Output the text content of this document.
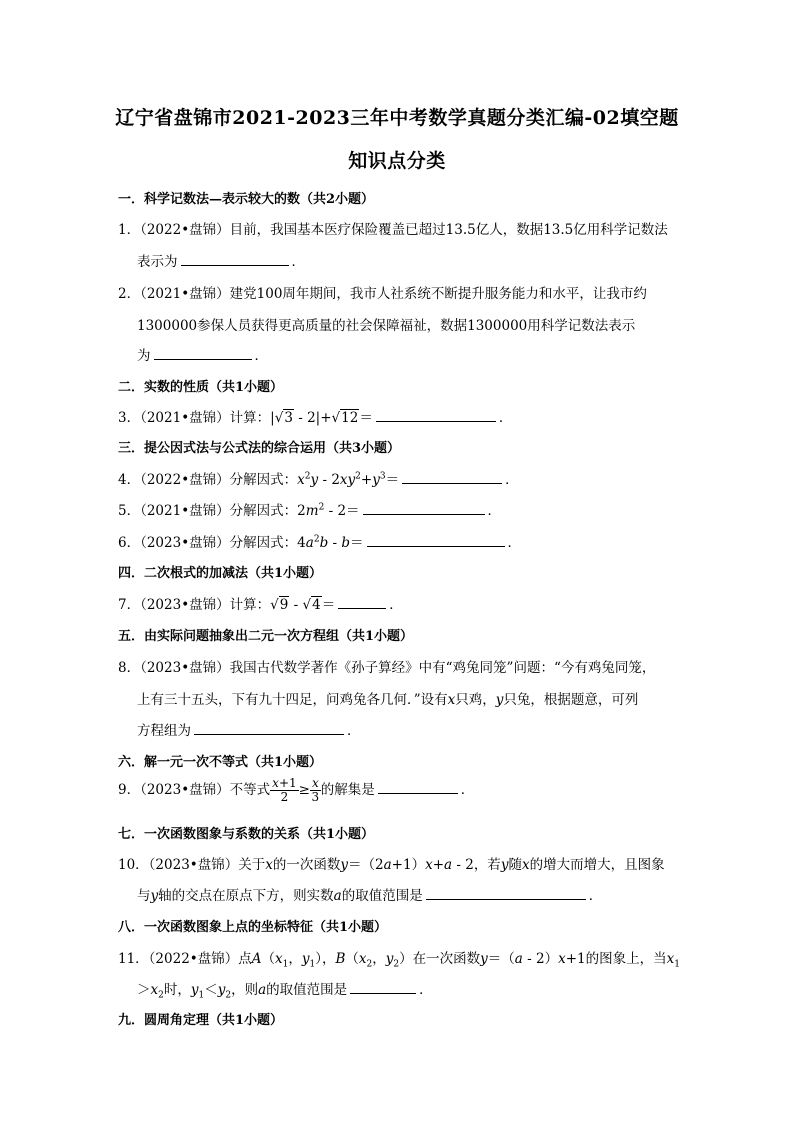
辽宁省盘锦市2021-2023三年中考数学真题分类汇编-02填空题
知识点分类
一．科学记数法—表示较大的数（共2小题）
1．（2022•盘锦）目前，我国基本医疗保险覆盖已超过13.5亿人，数据13.5亿用科学记数法
表示为	．
2．（2021•盘锦）建党100周年期间，我市人社系统不断提升服务能力和水平，让我市约
1300000参保人员获得更高质量的社会保障福祉，数据1300000用科学记数法表示
为	．
二．实数的性质（共1小题）
3．（2021•盘锦）计算：|√3 - 2|+√12＝	．
三．提公因式法与公式法的综合运用（共3小题）
4．（2022•盘锦）分解因式：$x^2y - 2xy^2+y^3=$	．
5．（2021•盘锦）分解因式：$2m^2 - 2=$	．
6．（2023•盘锦）分解因式：$4a^2b - b=$	．
四．二次根式的加减法（共1小题）
7．（2023•盘锦）计算：√9 - √4＝	．
五．由实际问题抽象出二元一次方程组（共1小题）
8．（2023•盘锦）我国古代数学著作《孙子算经》中有“鸡兔同笼”问题：“今有鸡兔同笼，
上有三十五头，下有九十四足，问鸡兔各几何．”设有x只鸡，y只兔，根据题意，可列
方程组为	．
六．解一元一次不等式（共1小题）
9．（2023•盘锦）不等式 $\frac{x+1}{2} \ge \frac{x}{3}$ 的解集是	．
七．一次函数图象与系数的关系（共1小题）
10．（2023•盘锦）关于x的一次函数y＝（2a+1）x+a - 2，若y随x的增大而增大，且图象
与y轴的交点在原点下方，则实数a的取值范围是	．
八．一次函数图象上点的坐标特征（共1小题）
11．（2022•盘锦）点$A(x_1$，$y_1$），$B(x_2$，$y_2$）在一次函数y＝（a - 2）x+1的图象上，当$x_1$
$>x_2$时，$y_1<y_2$，则a的取值范围是	．
九．圆周角定理（共1小题）
